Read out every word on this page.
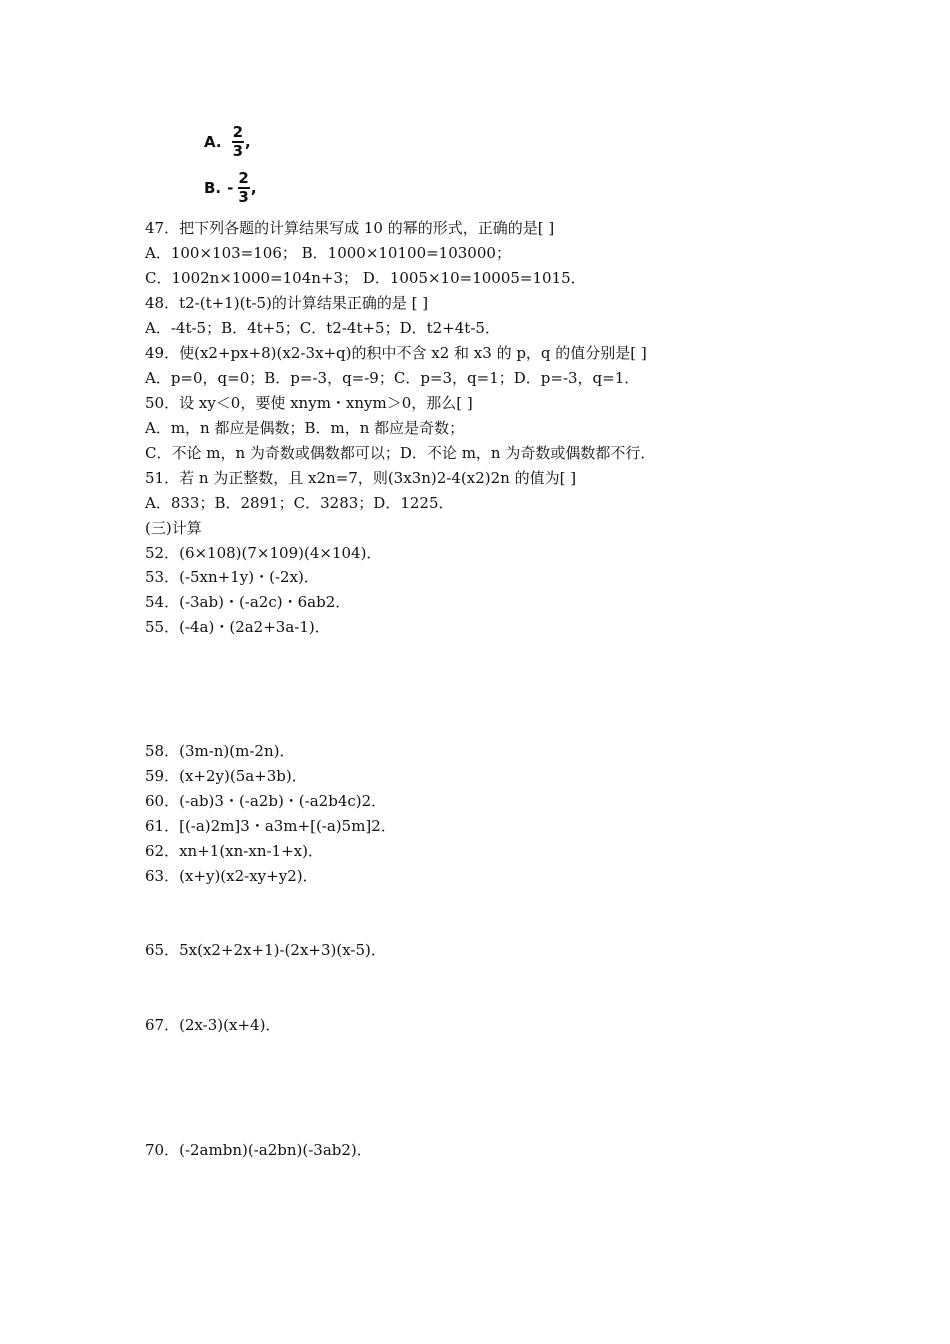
A. $\frac{2}{3}$ ,
B. - $\frac{2}{3}$ ,
47．把下列各题的计算结果写成 10 的幂的形式，正确的是[ ]
A．100×103=106； B．1000×10100=103000；
C．1002n×1000=104n+3； D．1005×10=10005=1015．
48．t2-(t+1)(t-5)的计算结果正确的是 [ ]
A．-4t-5；B．4t+5；C．t2-4t+5；D．t2+4t-5．
49．使(x2+px+8)(x2-3x+q)的积中不含 x2 和 x3 的 p，q 的值分别是[ ]
A．p=0，q=0；B．p=-3，q=-9；C．p=3，q=1；D．p=-3，q=1．
50．设 xy＜0，要使 xnym・xnym＞0，那么[ ]
A．m，n 都应是偶数；B．m，n 都应是奇数；
C．不论 m，n 为奇数或偶数都可以；D．不论 m，n 为奇数或偶数都不行．
51．若 n 为正整数，且 x2n=7，则(3x3n)2-4(x2)2n 的值为[ ]
A．833；B．2891；C．3283；D．1225．
(三)计算
52．(6×108)(7×109)(4×104)．
53．(-5xn+1y)・(-2x)．
54．(-3ab)・(-a2c)・6ab2．
55．(-4a)・(2a2+3a-1)．
58．(3m-n)(m-2n)．
59．(x+2y)(5a+3b)．
60．(-ab)3・(-a2b)・(-a2b4c)2．
61．[(-a)2m]3・a3m+[(-a)5m]2．
62．xn+1(xn-xn-1+x)．
63．(x+y)(x2-xy+y2)．
65．5x(x2+2x+1)-(2x+3)(x-5)．
67．(2x-3)(x+4)．
70．(-2ambn)(-a2bn)(-3ab2)．
